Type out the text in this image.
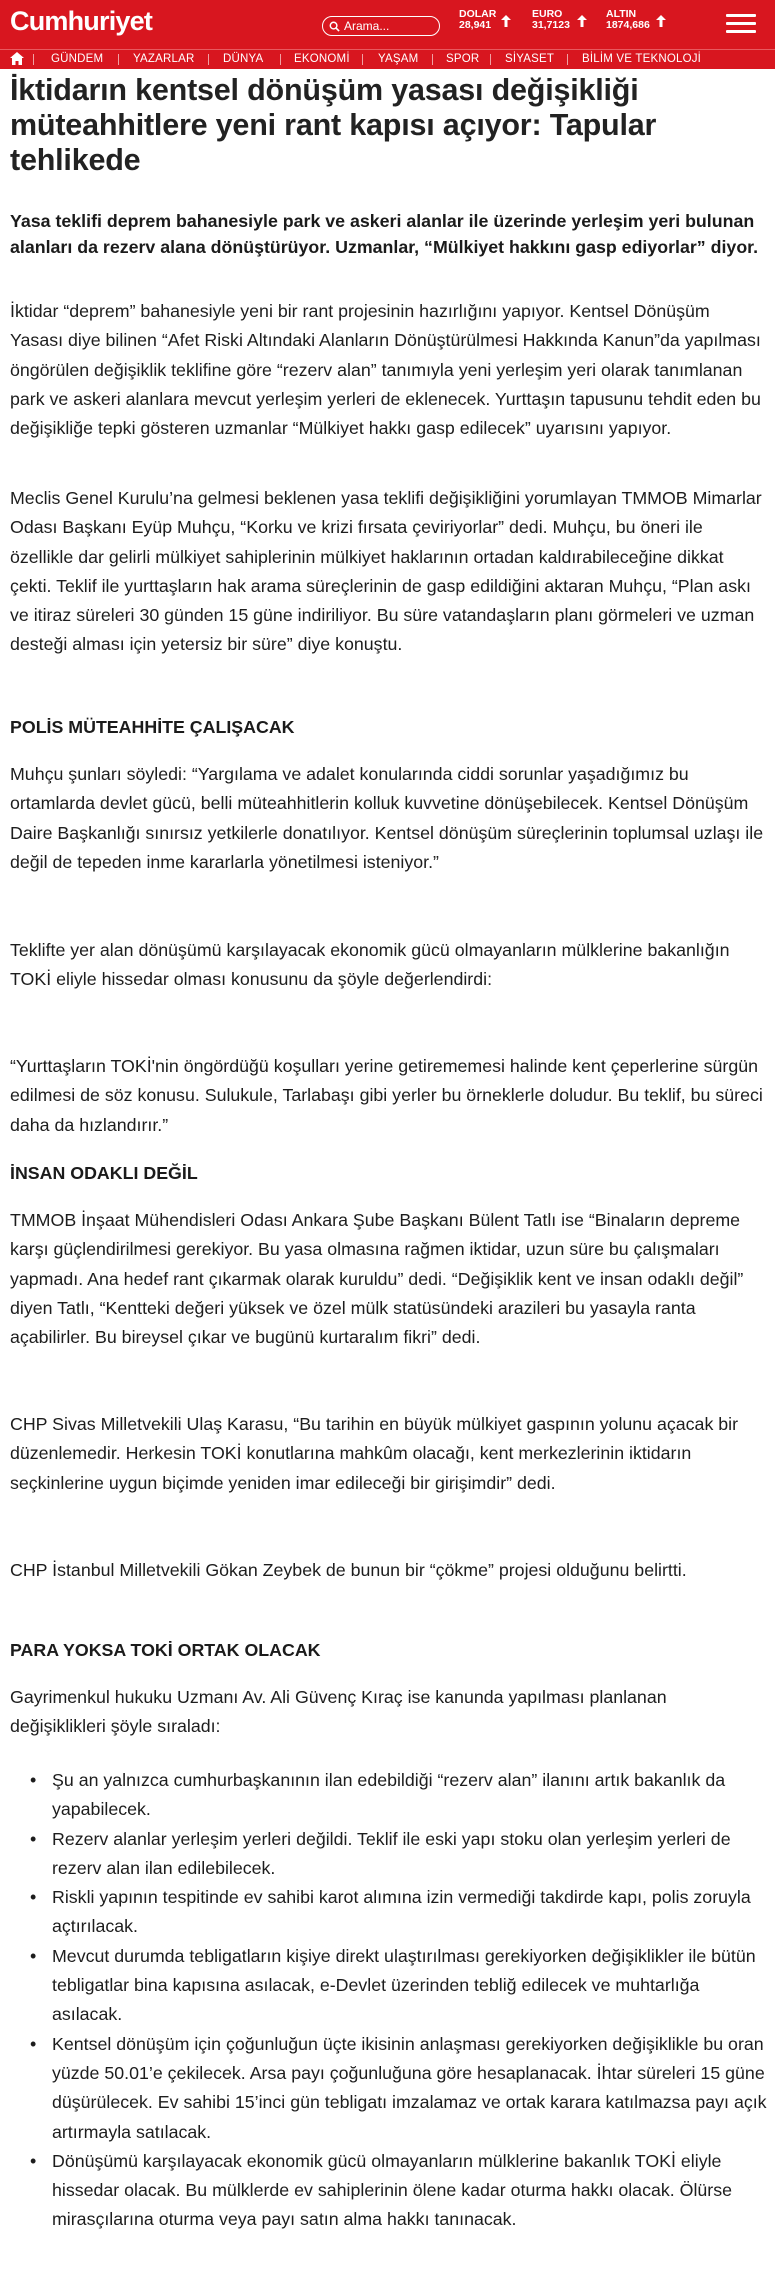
Cumhuriyet	Arama...
DOLAR
28,941
EURO
31,7123
ALTIN
1874,686
GÜNDEM	YAZARLAR DÜNYA	EKONOMİ YAŞAM SPOR SİYASET BİLİM VE TEKNOLOJİ
İktidarın kentsel dönüşüm yasası değişikliği müteahhitlere yeni rant kapısı açıyor: Tapular tehlikede

Yasa teklifi deprem bahanesiyle park ve askeri alanlar ile üzerinde yerleşim yeri bulunan alanları da rezerv alana dönüştürüyor. Uzmanlar, “Mülkiyet hakkını gasp ediyorlar” diyor.

İktidar “deprem” bahanesiyle yeni bir rant projesinin hazırlığını yapıyor. Kentsel Dönüşüm Yasası diye bilinen “Afet Riski Altındaki Alanların Dönüştürülmesi Hakkında Kanun”da yapılması öngörülen değişiklik teklifine göre “rezerv alan” tanımıyla yeni yerleşim yeri olarak tanımlanan park ve askeri alanlara mevcut yerleşim yerleri de eklenecek. Yurttaşın tapusunu tehdit eden bu değişikliğe tepki gösteren uzmanlar “Mülkiyet hakkı gasp edilecek” uyarısını yapıyor.

Meclis Genel Kurulu’na gelmesi beklenen yasa teklifi değişikliğini yorumlayan TMMOB Mimarlar Odası Başkanı Eyüp Muhçu, “Korku ve krizi fırsata çeviriyorlar” dedi. Muhçu, bu öneri ile özellikle dar gelirli mülkiyet sahiplerinin mülkiyet haklarının ortadan kaldırabileceğine dikkat çekti. Teklif ile yurttaşların hak arama süreçlerinin de gasp edildiğini aktaran Muhçu, “Plan askı ve itiraz süreleri 30 günden 15 güne indiriliyor. Bu süre vatandaşların planı görmeleri ve uzman desteği alması için yetersiz bir süre” diye konuştu.

POLİS MÜTEAHHİTE ÇALIŞACAK

Muhçu şunları söyledi: “Yargılama ve adalet konularında ciddi sorunlar yaşadığımız bu ortamlarda devlet gücü, belli müteahhitlerin kolluk kuvvetine dönüşebilecek. Kentsel Dönüşüm Daire Başkanlığı sınırsız yetkilerle donatılıyor. Kentsel dönüşüm süreçlerinin toplumsal uzlaşı ile değil de tepeden inme kararlarla yönetilmesi isteniyor.”

Teklifte yer alan dönüşümü karşılayacak ekonomik gücü olmayanların mülklerine bakanlığın TOKİ eliyle hissedar olması konusunu da şöyle değerlendirdi:

“Yurttaşların TOKİ'nin öngördüğü koşulları yerine getirememesi halinde kent çeperlerine sürgün edilmesi de söz konusu. Sulukule, Tarlabaşı gibi yerler bu örneklerle doludur. Bu teklif, bu süreci daha da hızlandırır.”

İNSAN ODAKLI DEĞİL

TMMOB İnşaat Mühendisleri Odası Ankara Şube Başkanı Bülent Tatlı ise “Binaların depreme karşı güçlendirilmesi gerekiyor. Bu yasa olmasına rağmen iktidar, uzun süre bu çalışmaları yapmadı. Ana hedef rant çıkarmak olarak kuruldu” dedi. “Değişiklik kent ve insan odaklı değil” diyen Tatlı, “Kentteki değeri yüksek ve özel mülk statüsündeki arazileri bu yasayla ranta açabilirler. Bu bireysel çıkar ve bugünü kurtaralım fikri” dedi.

CHP Sivas Milletvekili Ulaş Karasu, “Bu tarihin en büyük mülkiyet gaspının yolunu açacak bir düzenlemedir. Herkesin TOKİ konutlarına mahkûm olacağı, kent merkezlerinin iktidarın seçkinlerine uygun biçimde yeniden imar edileceği bir girişimdir” dedi.

CHP İstanbul Milletvekili Gökan Zeybek de bunun bir “çökme” projesi olduğunu belirtti.

PARA YOKSA TOKİ ORTAK OLACAK

Gayrimenkul hukuku Uzmanı Av. Ali Güvenç Kıraç ise kanunda yapılması planlanan değişiklikleri şöyle sıraladı:

• Şu an yalnızca cumhurbaşkanının ilan edebildiği “rezerv alan” ilanını artık bakanlık da yapabilecek.
• Rezerv alanlar yerleşim yerleri değildi. Teklif ile eski yapı stoku olan yerleşim yerleri de rezerv alan ilan edilebilecek.
• Riskli yapının tespitinde ev sahibi karot alımına izin vermediği takdirde kapı, polis zoruyla açtırılacak.
• Mevcut durumda tebligatların kişiye direkt ulaştırılması gerekiyorken değişiklikler ile bütün tebligatlar bina kapısına asılacak, e-Devlet üzerinden tebliğ edilecek ve muhtarlığa asılacak.
• Kentsel dönüşüm için çoğunluğun üçte ikisinin anlaşması gerekiyorken değişiklikle bu oran yüzde 50.01’e çekilecek. Arsa payı çoğunluğuna göre hesaplanacak. İhtar süreleri 15 güne düşürülecek. Ev sahibi 15’inci gün tebligatı imzalamaz ve ortak karara katılmazsa payı açık artırmayla satılacak.
• Dönüşümü karşılayacak ekonomik gücü olmayanların mülklerine bakanlık TOKİ eliyle hissedar olacak. Bu mülklerde ev sahiplerinin ölene kadar oturma hakkı olacak. Ölürse mirasçılarına oturma veya payı satın alma hakkı tanınacak.
